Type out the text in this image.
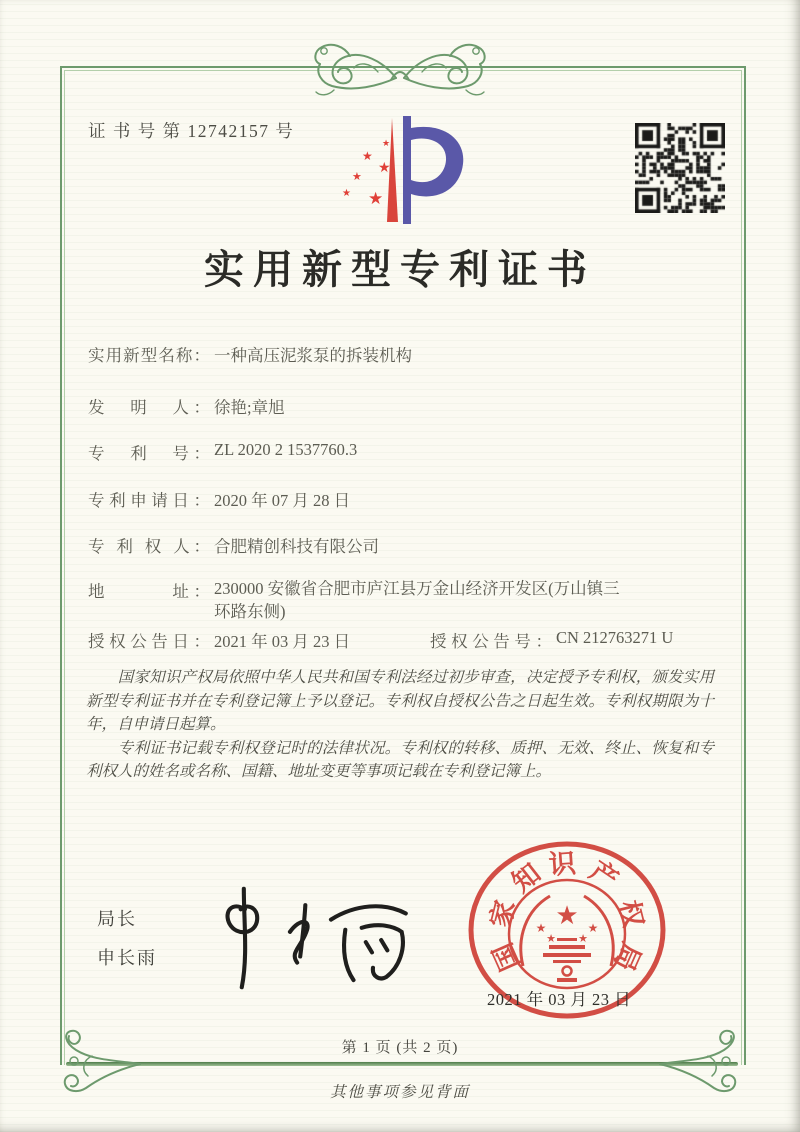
证 书 号 第 12742157 号
★
★
★
★
★ ★
实用新型专利证书
实用新型名称： 一种高压泥浆泵的拆装机构
发　明　人： 徐艳;章旭
专　利　号： ZL 2020 2 1537760.3
专利申请日： 2020 年 07 月 28 日
专 利 权 人： 合肥精创科技有限公司
地　　　址： 230000 安徽省合肥市庐江县万金山经济开发区(万山镇三环路东侧)
授权公告日： 2021 年 03 月 23 日	授权公告号： CN 212763271 U

国家知识产权局依照中华人民共和国专利法经过初步审查，决定授予专利权，颁发实用新型专利证书并在专利登记簿上予以登记。专利权自授权公告之日起生效。专利权期限为十年，自申请日起算。

专利证书记载专利权登记时的法律状况。专利权的转移、质押、无效、终止、恢复和专利权人的姓名或名称、国籍、地址变更等事项记载在专利登记簿上。

局长
申长雨	国
家
知 识 产
权
局
★
★	★
★ ★
2021 年 03 月 23 日
第 1 页 (共 2 页)
其他事项参见背面
